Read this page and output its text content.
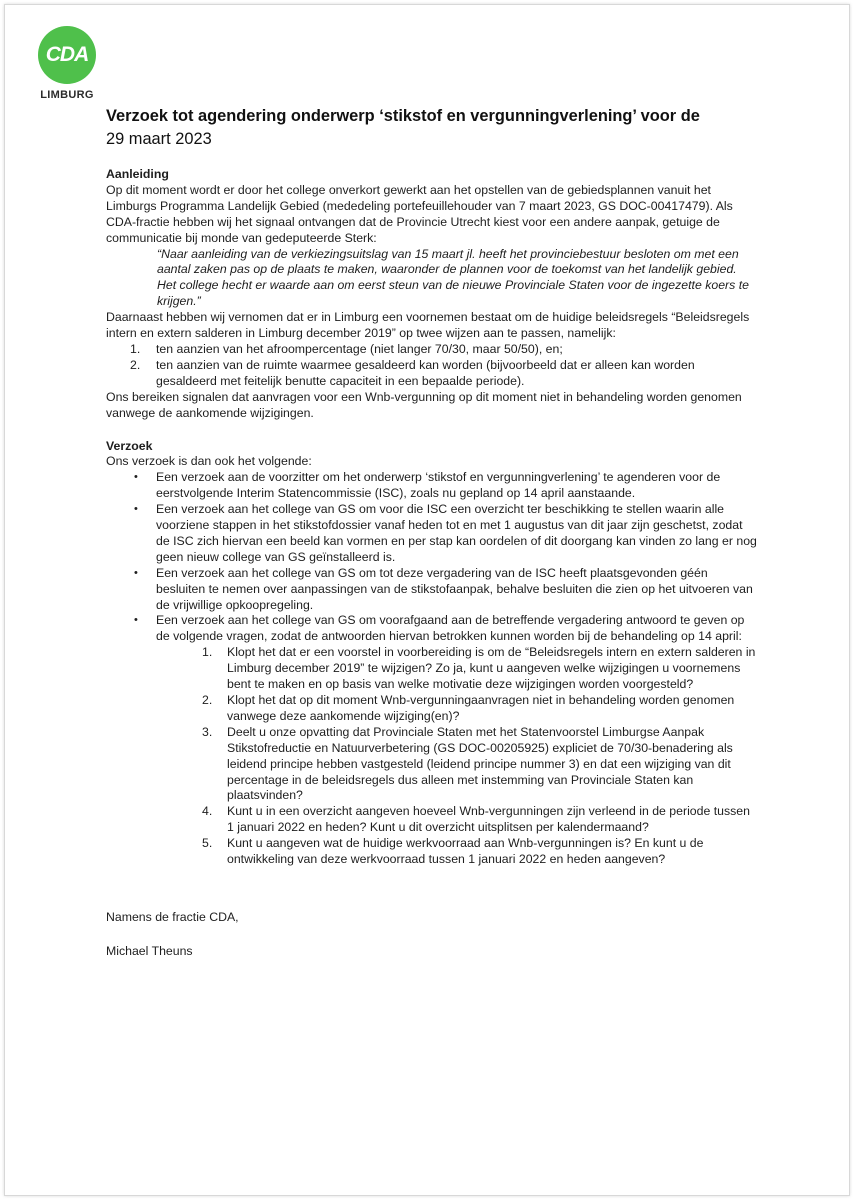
CDA
LIMBURG
Verzoek tot agendering onderwerp ‘stikstof en vergunningverlening’ voor de
29 maart 2023
Aanleiding

Op dit moment wordt er door het college onverkort gewerkt aan het opstellen van de gebiedsplannen vanuit het Limburgs Programma Landelijk Gebied (mededeling portefeuillehouder van 7 maart 2023, GS DOC-00417479). Als CDA-fractie hebben wij het signaal ontvangen dat de Provincie Utrecht kiest voor een andere aanpak, getuige de communicatie bij monde van gedeputeerde Sterk:

“Naar aanleiding van de verkiezingsuitslag van 15 maart jl. heeft het provinciebestuur besloten om met een aantal zaken pas op de plaats te maken, waaronder de plannen voor de toekomst van het landelijk gebied. Het college hecht er waarde aan om eerst steun van de nieuwe Provinciale Staten voor de ingezette koers te krijgen.”

Daarnaast hebben wij vernomen dat er in Limburg een voornemen bestaat om de huidige beleidsregels “Beleidsregels intern en extern salderen in Limburg december 2019” op twee wijzen aan te passen, namelijk:

1. ten aanzien van het afroompercentage (niet langer 70/30, maar 50/50), en;
2. ten aanzien van de ruimte waarmee gesaldeerd kan worden (bijvoorbeeld dat er alleen kan worden gesaldeerd met feitelijk benutte capaciteit in een bepaalde periode).

Ons bereiken signalen dat aanvragen voor een Wnb-vergunning op dit moment niet in behandeling worden genomen vanwege de aankomende wijzigingen.

Verzoek

Ons verzoek is dan ook het volgende:

• Een verzoek aan de voorzitter om het onderwerp ‘stikstof en vergunningverlening’ te agenderen voor de eerstvolgende Interim Statencommissie (ISC), zoals nu gepland op 14 april aanstaande.
• Een verzoek aan het college van GS om voor die ISC een overzicht ter beschikking te stellen waarin alle voorziene stappen in het stikstofdossier vanaf heden tot en met 1 augustus van dit jaar zijn geschetst, zodat de ISC zich hiervan een beeld kan vormen en per stap kan oordelen of dit doorgang kan vinden zo lang er nog geen nieuw college van GS geïnstalleerd is.
• Een verzoek aan het college van GS om tot deze vergadering van de ISC heeft plaatsgevonden géén besluiten te nemen over aanpassingen van de stikstofaanpak, behalve besluiten die zien op het uitvoeren van de vrijwillige opkoopregeling.
• Een verzoek aan het college van GS om voorafgaand aan de betreffende vergadering antwoord te geven op de volgende vragen, zodat de antwoorden hiervan betrokken kunnen worden bij de behandeling op 14 april:
1. Klopt het dat er een voorstel in voorbereiding is om de “Beleidsregels intern en extern salderen in Limburg december 2019” te wijzigen? Zo ja, kunt u aangeven welke wijzigingen u voornemens bent te maken en op basis van welke motivatie deze wijzigingen worden voorgesteld?
2. Klopt het dat op dit moment Wnb-vergunningaanvragen niet in behandeling worden genomen vanwege deze aankomende wijziging(en)?
3. Deelt u onze opvatting dat Provinciale Staten met het Statenvoorstel Limburgse Aanpak Stikstofreductie en Natuurverbetering (GS DOC-00205925) expliciet de 70/30-benadering als leidend principe hebben vastgesteld (leidend principe nummer 3) en dat een wijziging van dit percentage in de beleidsregels dus alleen met instemming van Provinciale Staten kan plaatsvinden?
4. Kunt u in een overzicht aangeven hoeveel Wnb-vergunningen zijn verleend in de periode tussen 1 januari 2022 en heden? Kunt u dit overzicht uitsplitsen per kalendermaand?
5. Kunt u aangeven wat de huidige werkvoorraad aan Wnb-vergunningen is? En kunt u de ontwikkeling van deze werkvoorraad tussen 1 januari 2022 en heden aangeven?

Namens de fractie CDA,

Michael Theuns
